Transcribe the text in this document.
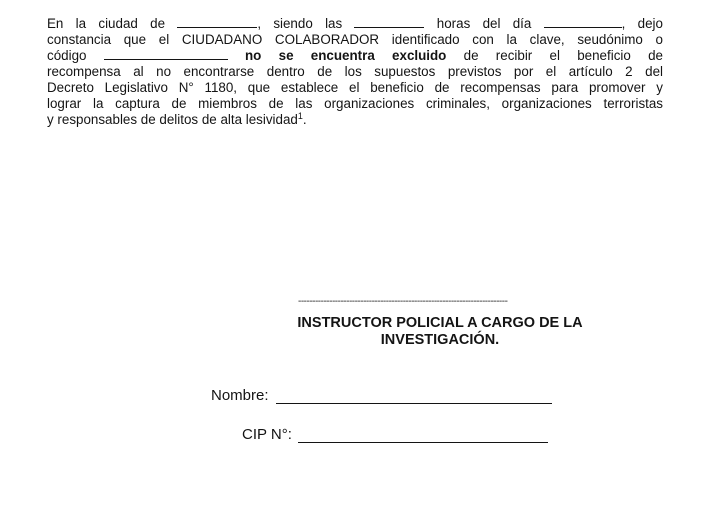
En la ciudad de	, siendo las	horas del día	, dejo
constancia que el CIUDADANO COLABORADOR identificado con la clave, seudónimo o
código	no se encuentra excluido de recibir el beneficio de
recompensa al no encontrarse dentro de los supuestos previstos por el artículo 2 del
Decreto Legislativo N° 1180, que establece el beneficio de recompensas para promover y
lograr la captura de miembros de las organizaciones criminales, organizaciones terroristas
y responsables de delitos de alta lesividad$^1$.
--------------------------------------------------------------------------
INSTRUCTOR POLICIAL A CARGO DE LA
INVESTIGACIÓN.
Nombre:
CIP N°:
